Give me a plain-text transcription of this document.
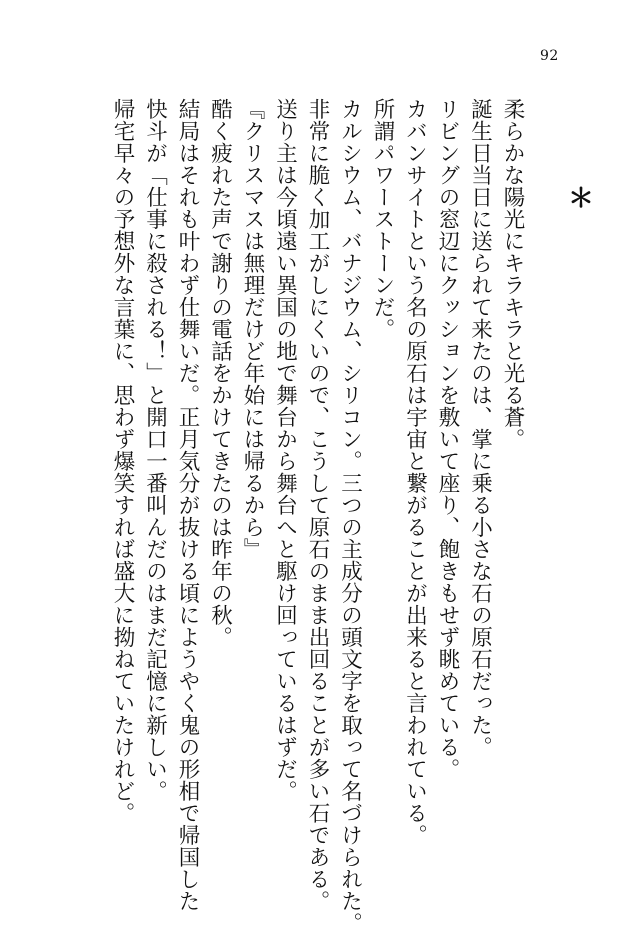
92
＊
柔らかな陽光にキラキラと光る蒼。
誕生日当日に送られて来たのは、掌に乗る小さな石の原石だった。
リビングの窓辺にクッションを敷いて座り、飽きもせず眺めている。
カバンサイトという名の原石は宇宙と繋がることが出来ると言われている。
所謂パワーストーンだ。
カルシウム、バナジウム、シリコン。三つの主成分の頭文字を取って名づけられた。
非常に脆く加工がしにくいので、こうして原石のまま出回ることが多い石である。
送り主は今頃遠い異国の地で舞台から舞台へと駆け回っているはずだ。
『クリスマスは無理だけど年始には帰るから』
酷く疲れた声で謝りの電話をかけてきたのは昨年の秋。
結局はそれも叶わず仕舞いだ。正月気分が抜ける頃にようやく鬼の形相で帰国した
快斗が「仕事に殺される！」と開口一番叫んだのはまだ記憶に新しい。
帰宅早々の予想外な言葉に、思わず爆笑すれば盛大に拗ねていたけれど。
